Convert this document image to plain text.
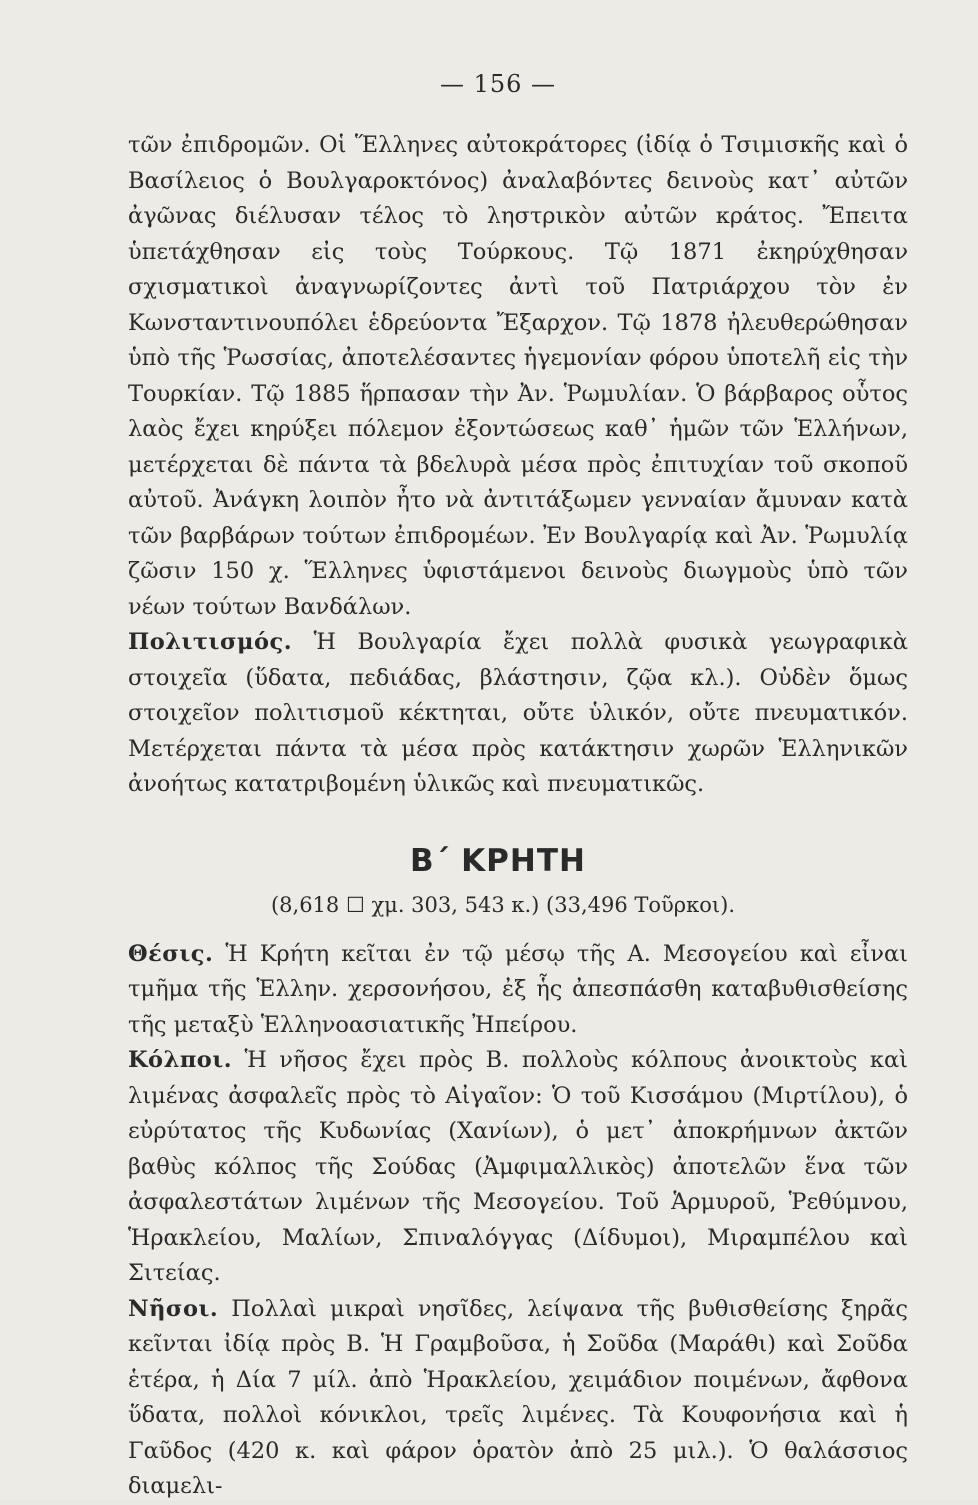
— 156 —

τῶν ἐπιδρομῶν. Οἱ Ἕλληνες αὐτοκράτορες (ἰδίᾳ ὁ Τσιμισκῆς καὶ ὁ Βασίλειος ὁ Βουλγαροκτόνος) ἀναλαβόντες δεινοὺς κατ᾽ αὐτῶν ἀγῶνας διέλυσαν τέλος τὸ ληστρικὸν αὐτῶν κράτος. Ἔπειτα ὑπετάχθησαν εἰς τοὺς Τούρκους. Τῷ 1871 ἐκηρύχθησαν σχισματικοὶ ἀναγνωρίζοντες ἀντὶ τοῦ Πατριάρχου τὸν ἐν Κωνσταντινουπόλει ἑδρεύοντα Ἔξαρχον. Τῷ 1878 ἠλευθερώθησαν ὑπὸ τῆς Ῥωσσίας, ἀποτελέσαντες ἡγεμονίαν φόρου ὑποτελῆ εἰς τὴν Τουρκίαν. Τῷ 1885 ἥρπασαν τὴν Ἀν. Ῥωμυλίαν. Ὁ βάρβαρος οὗτος λαὸς ἔχει κηρύξει πόλεμον ἐξοντώσεως καθ᾽ ἡμῶν τῶν Ἑλλήνων, μετέρχεται δὲ πάντα τὰ βδελυρὰ μέσα πρὸς ἐπιτυχίαν τοῦ σκοποῦ αὐτοῦ. Ἀνάγκη λοιπὸν ἦτο νὰ ἀντιτάξωμεν γενναίαν ἄμυναν κατὰ τῶν βαρβάρων τούτων ἐπιδρομέων. Ἐν Βουλγαρίᾳ καὶ Ἀν. Ῥωμυλίᾳ ζῶσιν 150 χ. Ἕλληνες ὑφιστάμενοι δεινοὺς διωγμοὺς ὑπὸ τῶν νέων τούτων Βανδάλων.

Πολιτισμός. Ἡ Βουλγαρία ἔχει πολλὰ φυσικὰ γεωγραφικὰ στοιχεῖα (ὕδατα, πεδιάδας, βλάστησιν, ζῷα κλ.). Οὐδὲν ὅμως στοιχεῖον πολιτισμοῦ κέκτηται, οὔτε ὑλικόν, οὔτε πνευματικόν. Μετέρχεται πάντα τὰ μέσα πρὸς κατάκτησιν χωρῶν Ἑλληνικῶν ἀνοήτως κατατριβομένη ὑλικῶς καὶ πνευματικῶς.

Β΄ ΚΡΗΤΗ
(8,618 ☐ χμ. 303, 543 κ.) (33,496 Τοῦρκοι).

Θέσις. Ἡ Κρήτη κεῖται ἐν τῷ μέσῳ τῆς Α. Μεσογείου καὶ εἶναι τμῆμα τῆς Ἑλλην. χερσονήσου, ἐξ ἧς ἀπεσπάσθη καταβυθισθείσης τῆς μεταξὺ Ἑλληνοασιατικῆς Ἠπείρου.

Κόλποι. Ἡ νῆσος ἔχει πρὸς Β. πολλοὺς κόλπους ἀνοικτοὺς καὶ λιμένας ἀσφαλεῖς πρὸς τὸ Αἰγαῖον: Ὁ τοῦ Κισσάμου (Μιρτίλου), ὁ εὐρύτατος τῆς Κυδωνίας (Χανίων), ὁ μετ᾽ ἀποκρήμνων ἀκτῶν βαθὺς κόλπος τῆς Σούδας (Ἀμφιμαλλικὸς) ἀποτελῶν ἕνα τῶν ἀσφαλεστάτων λιμένων τῆς Μεσογείου. Τοῦ Ἁρμυροῦ, Ῥεθύμνου, Ἡρακλείου, Μαλίων, Σπιναλόγγας (Δίδυμοι), Μιραμπέλου καὶ Σιτείας.

Νῆσοι. Πολλαὶ μικραὶ νησῖδες, λείψανα τῆς βυθισθείσης ξηρᾶς κεῖνται ἰδίᾳ πρὸς Β. Ἡ Γραμβοῦσα, ἡ Σοῦδα (Μαράθι) καὶ Σοῦδα ἑτέρα, ἡ Δία 7 μίλ. ἀπὸ Ἡρακλείου, χειμάδιον ποιμένων, ἄφθονα ὕδατα, πολλοὶ κόνικλοι, τρεῖς λιμένες. Τὰ Κουφονήσια καὶ ἡ Γαῦδος (420 κ. καὶ φάρον ὁρατὸν ἀπὸ 25 μιλ.). Ὁ θαλάσσιος διαμελι-
